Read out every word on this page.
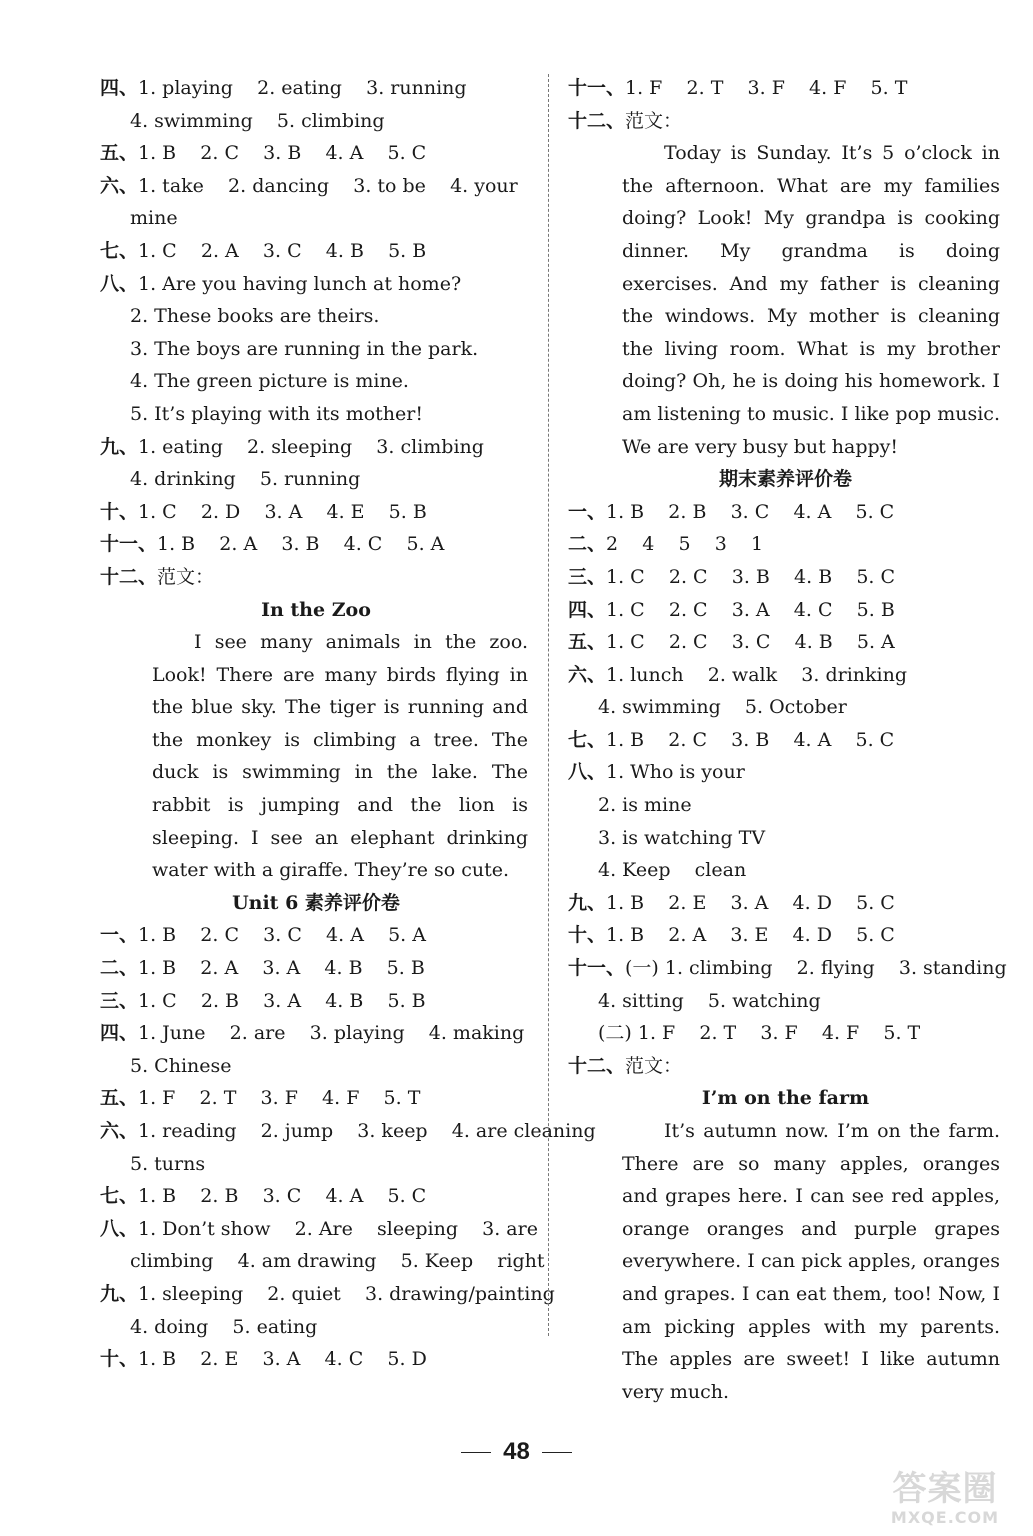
四、1. playing    2. eating    3. running
4. swimming    5. climbing
五、1. B    2. C    3. B    4. A    5. C
六、1. take    2. dancing    3. to be    4. your
mine
七、1. C    2. A    3. C    4. B    5. B
八、1. Are you having lunch at home?
2. These books are theirs.
3. The boys are running in the park.
4. The green picture is mine.
5. It’s playing with its mother!
九、1. eating    2. sleeping    3. climbing
4. drinking    5. running
十、1. C    2. D    3. A    4. E    5. B
十一、1. B    2. A    3. B    4. C    5. A
十二、范文：
In the Zoo
I see many animals in the zoo. Look! There are many birds flying in the blue sky. The tiger is running and the monkey is climbing a tree. The duck is swimming in the lake. The rabbit is jumping and the lion is sleeping. I see an elephant drinking water with a giraffe. They’re so cute.
Unit 6 素养评价卷
一、1. B    2. C    3. C    4. A    5. A
二、1. B    2. A    3. A    4. B    5. B
三、1. C    2. B    3. A    4. B    5. B
四、1. June    2. are    3. playing    4. making
5. Chinese
五、1. F    2. T    3. F    4. F    5. T
六、1. reading    2. jump    3. keep    4. are cleaning
5. turns
七、1. B    2. B    3. C    4. A    5. C
八、1. Don’t show    2. Are    sleeping    3. are
climbing    4. am drawing    5. Keep    right
九、1. sleeping    2. quiet    3. drawing/painting
4. doing    5. eating
十、1. B    2. E    3. A    4. C    5. D
十一、1. F    2. T    3. F    4. F    5. T
十二、范文：
Today is Sunday. It’s 5 o’clock in the afternoon. What are my families doing? Look! My grandpa is cooking dinner. My grandma is doing exercises. And my father is cleaning the windows. My mother is cleaning the living room. What is my brother doing? Oh, he is doing his homework. I am listening to music. I like pop music. We are very busy but happy!
期末素养评价卷
一、1. B    2. B    3. C    4. A    5. C
二、2    4    5    3    1
三、1. C    2. C    3. B    4. B    5. C
四、1. C    2. C    3. A    4. C    5. B
五、1. C    2. C    3. C    4. B    5. A
六、1. lunch    2. walk    3. drinking
4. swimming    5. October
七、1. B    2. C    3. B    4. A    5. C
八、1. Who is your
2. is mine
3. is watching TV
4. Keep    clean
九、1. B    2. E    3. A    4. D    5. C
十、1. B    2. A    3. E    4. D    5. C
十一、(一) 1. climbing    2. flying    3. standing
4. sitting    5. watching
(二) 1. F    2. T    3. F    4. F    5. T
十二、范文：
I’m on the farm
It’s autumn now. I’m on the farm. There are so many apples, oranges and grapes here. I can see red apples, orange oranges and purple grapes everywhere. I can pick apples, oranges and grapes. I can eat them, too! Now, I am picking apples with my parents. The apples are sweet! I like autumn very much.
48
答案圈
MXQE.COM
